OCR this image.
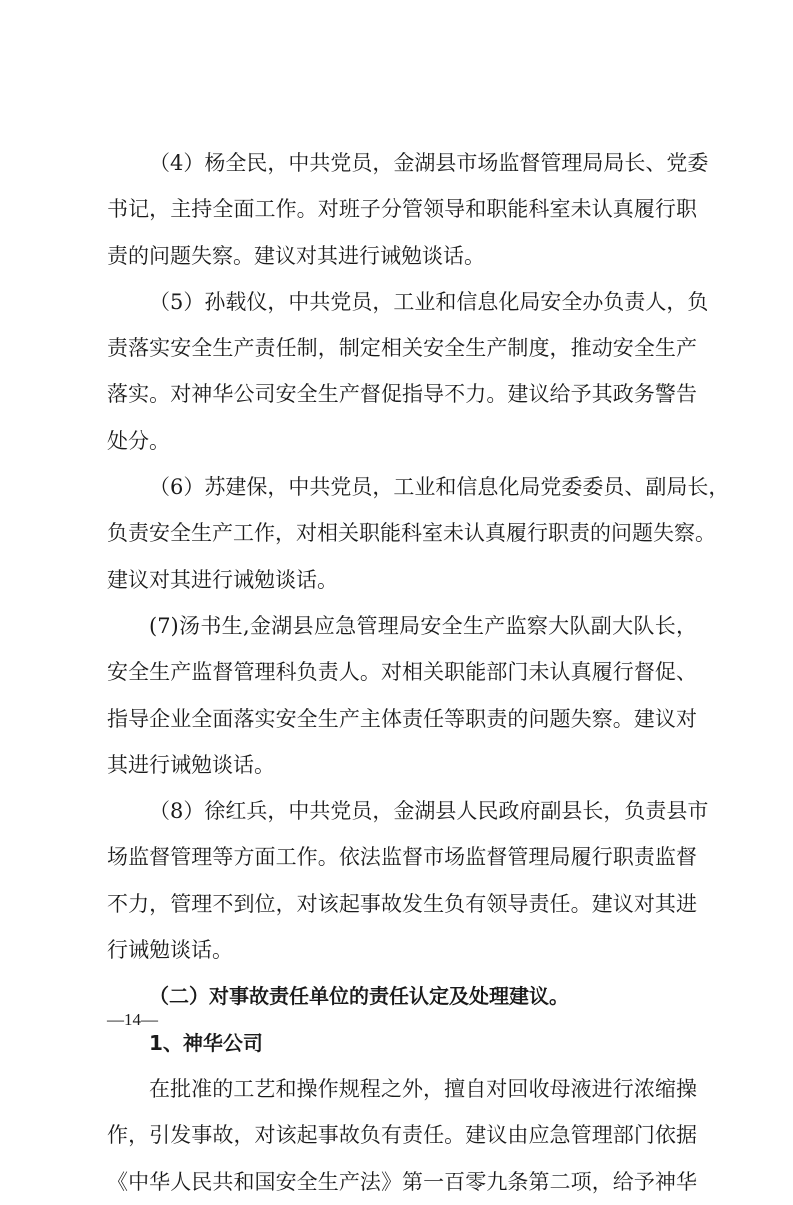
（4）杨全民，中共党员，金湖县市场监督管理局局长、党委
书记，主持全面工作。对班子分管领导和职能科室未认真履行职
责的问题失察。建议对其进行诫勉谈话。
（5）孙载仪，中共党员，工业和信息化局安全办负责人，负
责落实安全生产责任制，制定相关安全生产制度，推动安全生产
落实。对神华公司安全生产督促指导不力。建议给予其政务警告
处分。
（6）苏建保，中共党员，工业和信息化局党委委员、副局长，
负责安全生产工作，对相关职能科室未认真履行职责的问题失察。
建议对其进行诫勉谈话。
(7)汤书生,金湖县应急管理局安全生产监察大队副大队长，
安全生产监督管理科负责人。对相关职能部门未认真履行督促、
指导企业全面落实安全生产主体责任等职责的问题失察。建议对
其进行诫勉谈话。
（8）徐红兵，中共党员，金湖县人民政府副县长，负责县市
场监督管理等方面工作。依法监督市场监督管理局履行职责监督
不力，管理不到位，对该起事故发生负有领导责任。建议对其进
行诫勉谈话。
（二）对事故责任单位的责任认定及处理建议。
1、神华公司
在批准的工艺和操作规程之外，擅自对回收母液进行浓缩操
作，引发事故，对该起事故负有责任。建议由应急管理部门依据
《中华人民共和国安全生产法》第一百零九条第二项，给予神华
—14—
